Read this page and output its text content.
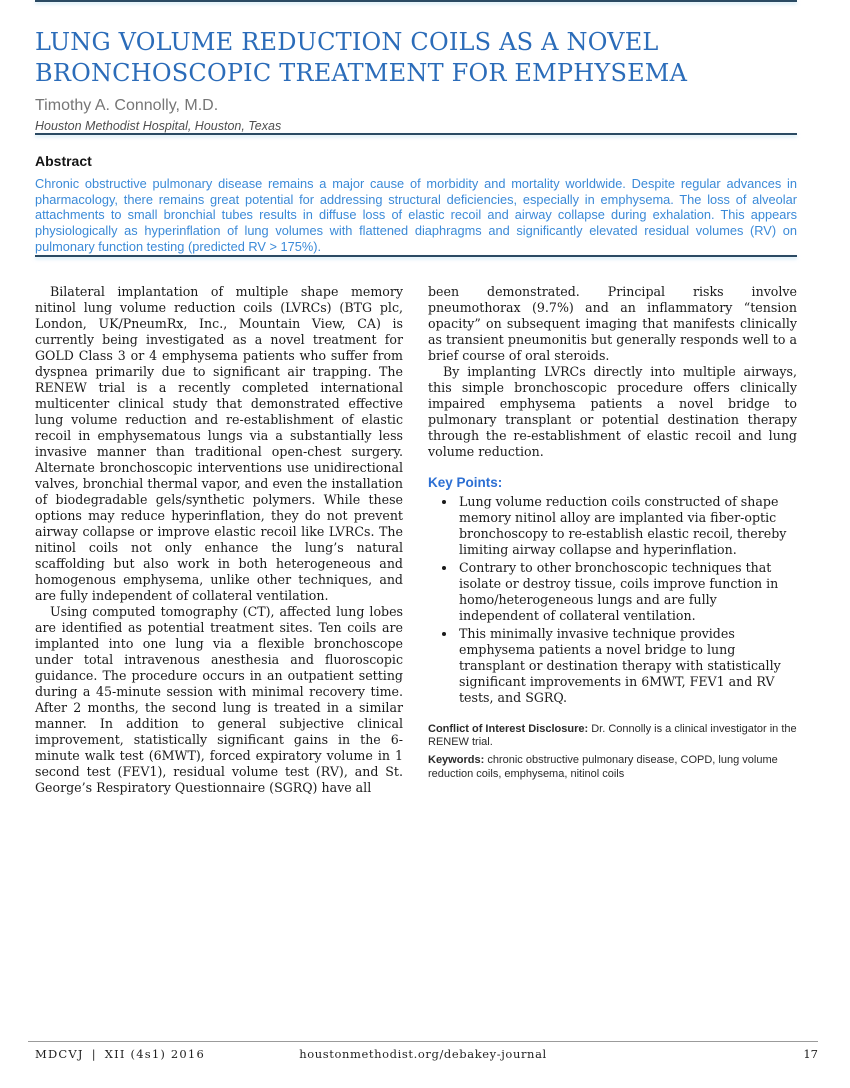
LUNG VOLUME REDUCTION COILS AS A NOVEL BRONCHOSCOPIC TREATMENT FOR EMPHYSEMA
Timothy A. Connolly, M.D.
Houston Methodist Hospital, Houston, Texas
Abstract

Chronic obstructive pulmonary disease remains a major cause of morbidity and mortality worldwide. Despite regular advances in pharmacology, there remains great potential for addressing structural deficiencies, especially in emphysema. The loss of alveolar attachments to small bronchial tubes results in diffuse loss of elastic recoil and airway collapse during exhalation. This appears physiologically as hyperinflation of lung volumes with flattened diaphragms and significantly elevated residual volumes (RV) on pulmonary function testing (predicted RV > 175%).

Bilateral implantation of multiple shape memory nitinol lung volume reduction coils (LVRCs) (BTG plc, London, UK/PneumRx, Inc., Mountain View, CA) is currently being investigated as a novel treatment for GOLD Class 3 or 4 emphysema patients who suffer from dyspnea primarily due to significant air trapping. The RENEW trial is a recently completed international multicenter clinical study that demonstrated effective lung volume reduction and re-establishment of elastic recoil in emphysematous lungs via a substantially less invasive manner than traditional open-chest surgery. Alternate bronchoscopic interventions use unidirectional valves, bronchial thermal vapor, and even the installation of biodegradable gels/synthetic polymers. While these options may reduce hyperinflation, they do not prevent airway collapse or improve elastic recoil like LVRCs. The nitinol coils not only enhance the lung’s natural scaffolding but also work in both heterogeneous and homogenous emphysema, unlike other techniques, and are fully independent of collateral ventilation.

Using computed tomography (CT), affected lung lobes are identified as potential treatment sites. Ten coils are implanted into one lung via a flexible bronchoscope under total intravenous anesthesia and fluoroscopic guidance. The procedure occurs in an outpatient setting during a 45-minute session with minimal recovery time. After 2 months, the second lung is treated in a similar manner. In addition to general subjective clinical improvement, statistically significant gains in the 6-minute walk test (6MWT), forced expiratory volume in 1 second test (FEV1), residual volume test (RV), and St. George’s Respiratory Questionnaire (SGRQ) have all

been demonstrated. Principal risks involve pneumothorax (9.7%) and an inflammatory “tension opacity” on subsequent imaging that manifests clinically as transient pneumonitis but generally responds well to a brief course of oral steroids.

By implanting LVRCs directly into multiple airways, this simple bronchoscopic procedure offers clinically impaired emphysema patients a novel bridge to pulmonary transplant or potential destination therapy through the re-establishment of elastic recoil and lung volume reduction.

Key Points:
• Lung volume reduction coils constructed of shape memory nitinol alloy are implanted via fiber-optic bronchoscopy to re-establish elastic recoil, thereby limiting airway collapse and hyperinflation.
• Contrary to other bronchoscopic techniques that isolate or destroy tissue, coils improve function in homo/heterogeneous lungs and are fully independent of collateral ventilation.
• This minimally invasive technique provides emphysema patients a novel bridge to lung transplant or destination therapy with statistically significant improvements in 6MWT, FEV1 and RV tests, and SGRQ.

Conflict of Interest Disclosure: Dr. Connolly is a clinical investigator in the RENEW trial.

Keywords: chronic obstructive pulmonary disease, COPD, lung volume reduction coils, emphysema, nitinol coils

MDCVJ | XII (4s1) 2016	houstonmethodist.org/debakey-journal	17
